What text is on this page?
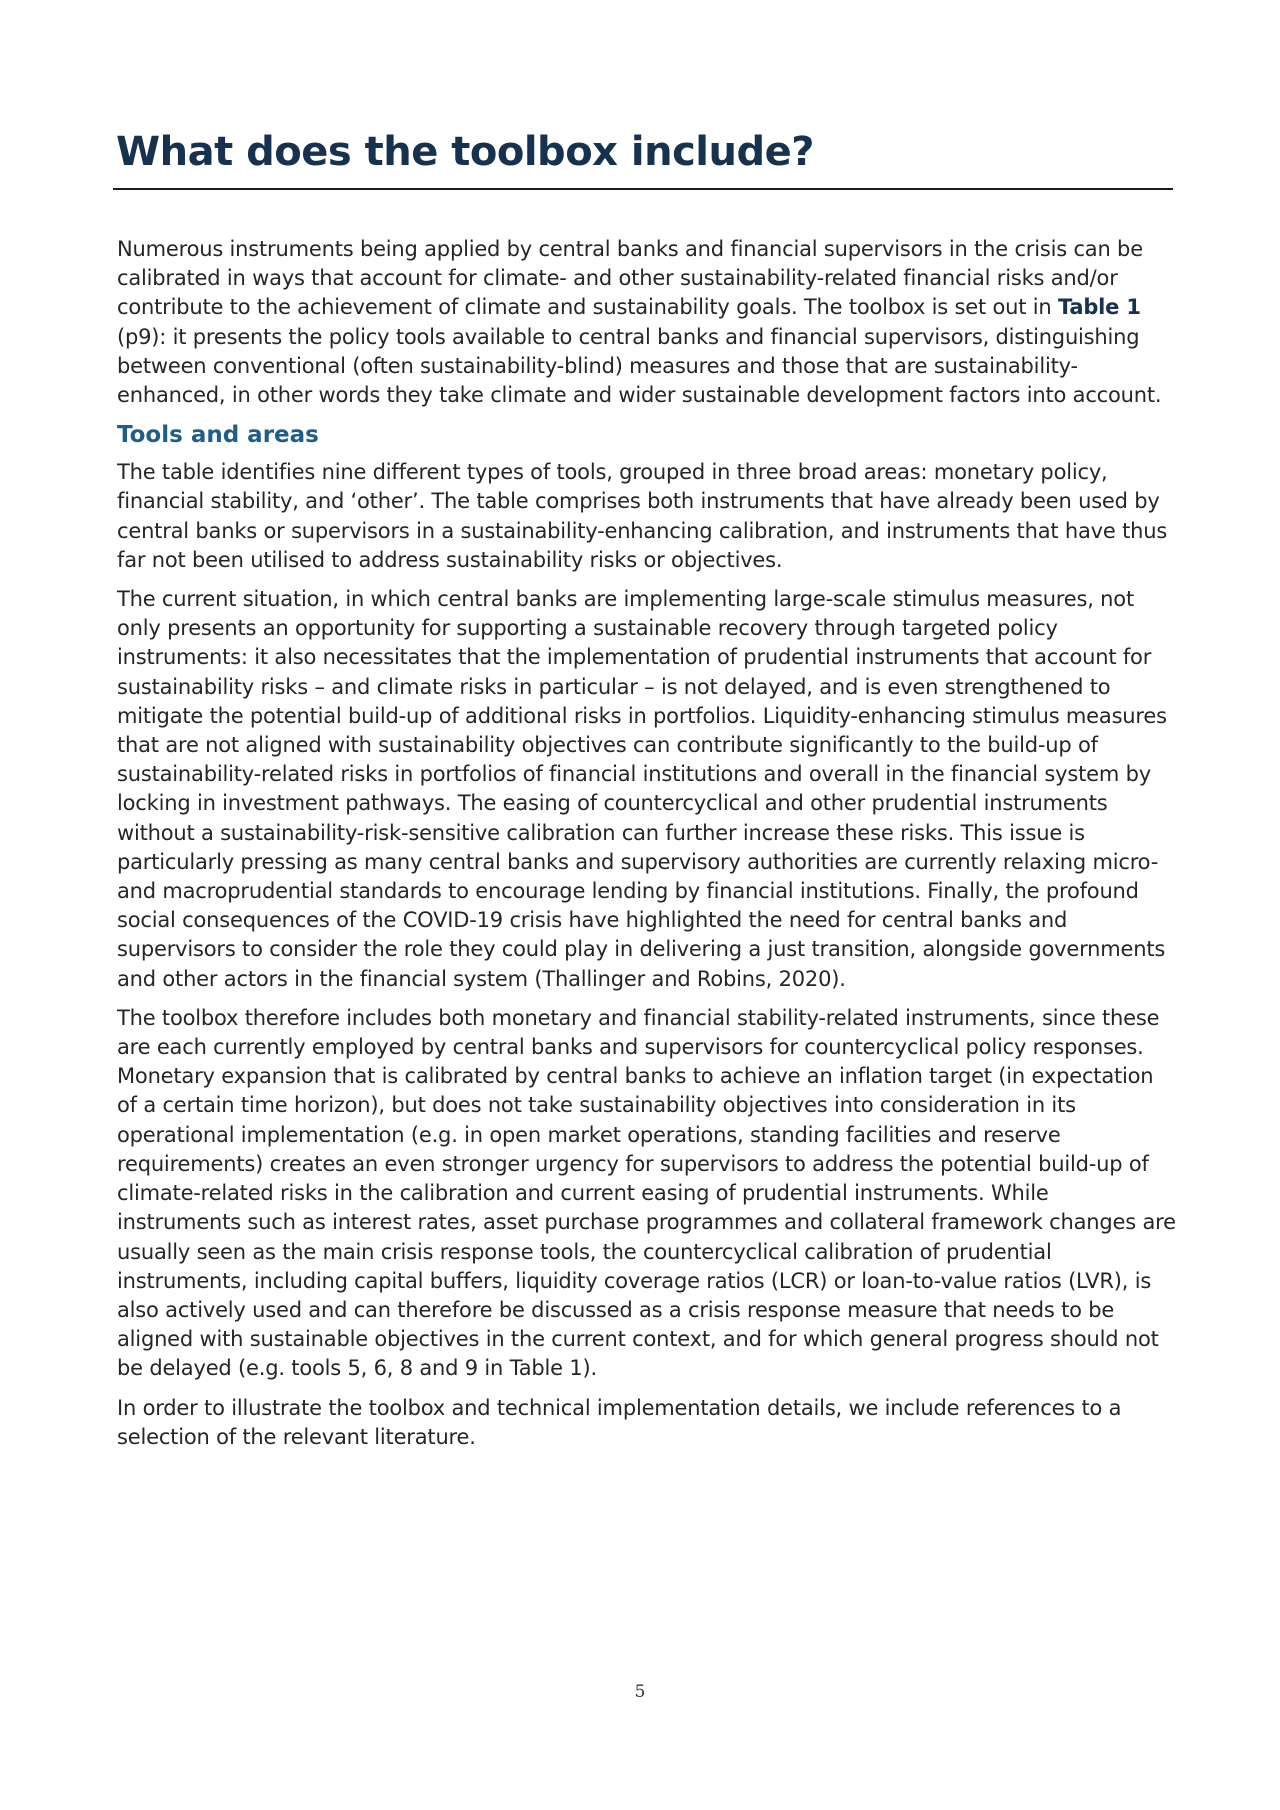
What does the toolbox include?

Numerous instruments being applied by central banks and financial supervisors in the crisis can be calibrated in ways that account for climate- and other sustainability-related financial risks and/or contribute to the achievement of climate and sustainability goals. The toolbox is set out in Table 1 (p9): it presents the policy tools available to central banks and financial supervisors, distinguishing between conventional (often sustainability-blind) measures and those that are sustainability-enhanced, in other words they take climate and wider sustainable development factors into account.

Tools and areas

The table identifies nine different types of tools, grouped in three broad areas: monetary policy, financial stability, and ‘other’. The table comprises both instruments that have already been used by central banks or supervisors in a sustainability-enhancing calibration, and instruments that have thus far not been utilised to address sustainability risks or objectives.

The current situation, in which central banks are implementing large-scale stimulus measures, not only presents an opportunity for supporting a sustainable recovery through targeted policy instruments: it also necessitates that the implementation of prudential instruments that account for sustainability risks – and climate risks in particular – is not delayed, and is even strengthened to mitigate the potential build-up of additional risks in portfolios. Liquidity-enhancing stimulus measures that are not aligned with sustainability objectives can contribute significantly to the build-up of sustainability-related risks in portfolios of financial institutions and overall in the financial system by locking in investment pathways. The easing of countercyclical and other prudential instruments without a sustainability-risk-sensitive calibration can further increase these risks. This issue is particularly pressing as many central banks and supervisory authorities are currently relaxing micro- and macroprudential standards to encourage lending by financial institutions. Finally, the profound social consequences of the COVID-19 crisis have highlighted the need for central banks and supervisors to consider the role they could play in delivering a just transition, alongside governments and other actors in the financial system (Thallinger and Robins, 2020).

The toolbox therefore includes both monetary and financial stability-related instruments, since these are each currently employed by central banks and supervisors for countercyclical policy responses. Monetary expansion that is calibrated by central banks to achieve an inflation target (in expectation of a certain time horizon), but does not take sustainability objectives into consideration in its operational implementation (e.g. in open market operations, standing facilities and reserve requirements) creates an even stronger urgency for supervisors to address the potential build-up of climate-related risks in the calibration and current easing of prudential instruments. While instruments such as interest rates, asset purchase programmes and collateral framework changes are usually seen as the main crisis response tools, the countercyclical calibration of prudential instruments, including capital buffers, liquidity coverage ratios (LCR) or loan-to-value ratios (LVR), is also actively used and can therefore be discussed as a crisis response measure that needs to be aligned with sustainable objectives in the current context, and for which general progress should not be delayed (e.g. tools 5, 6, 8 and 9 in Table 1).

In order to illustrate the toolbox and technical implementation details, we include references to a selection of the relevant literature.

5
